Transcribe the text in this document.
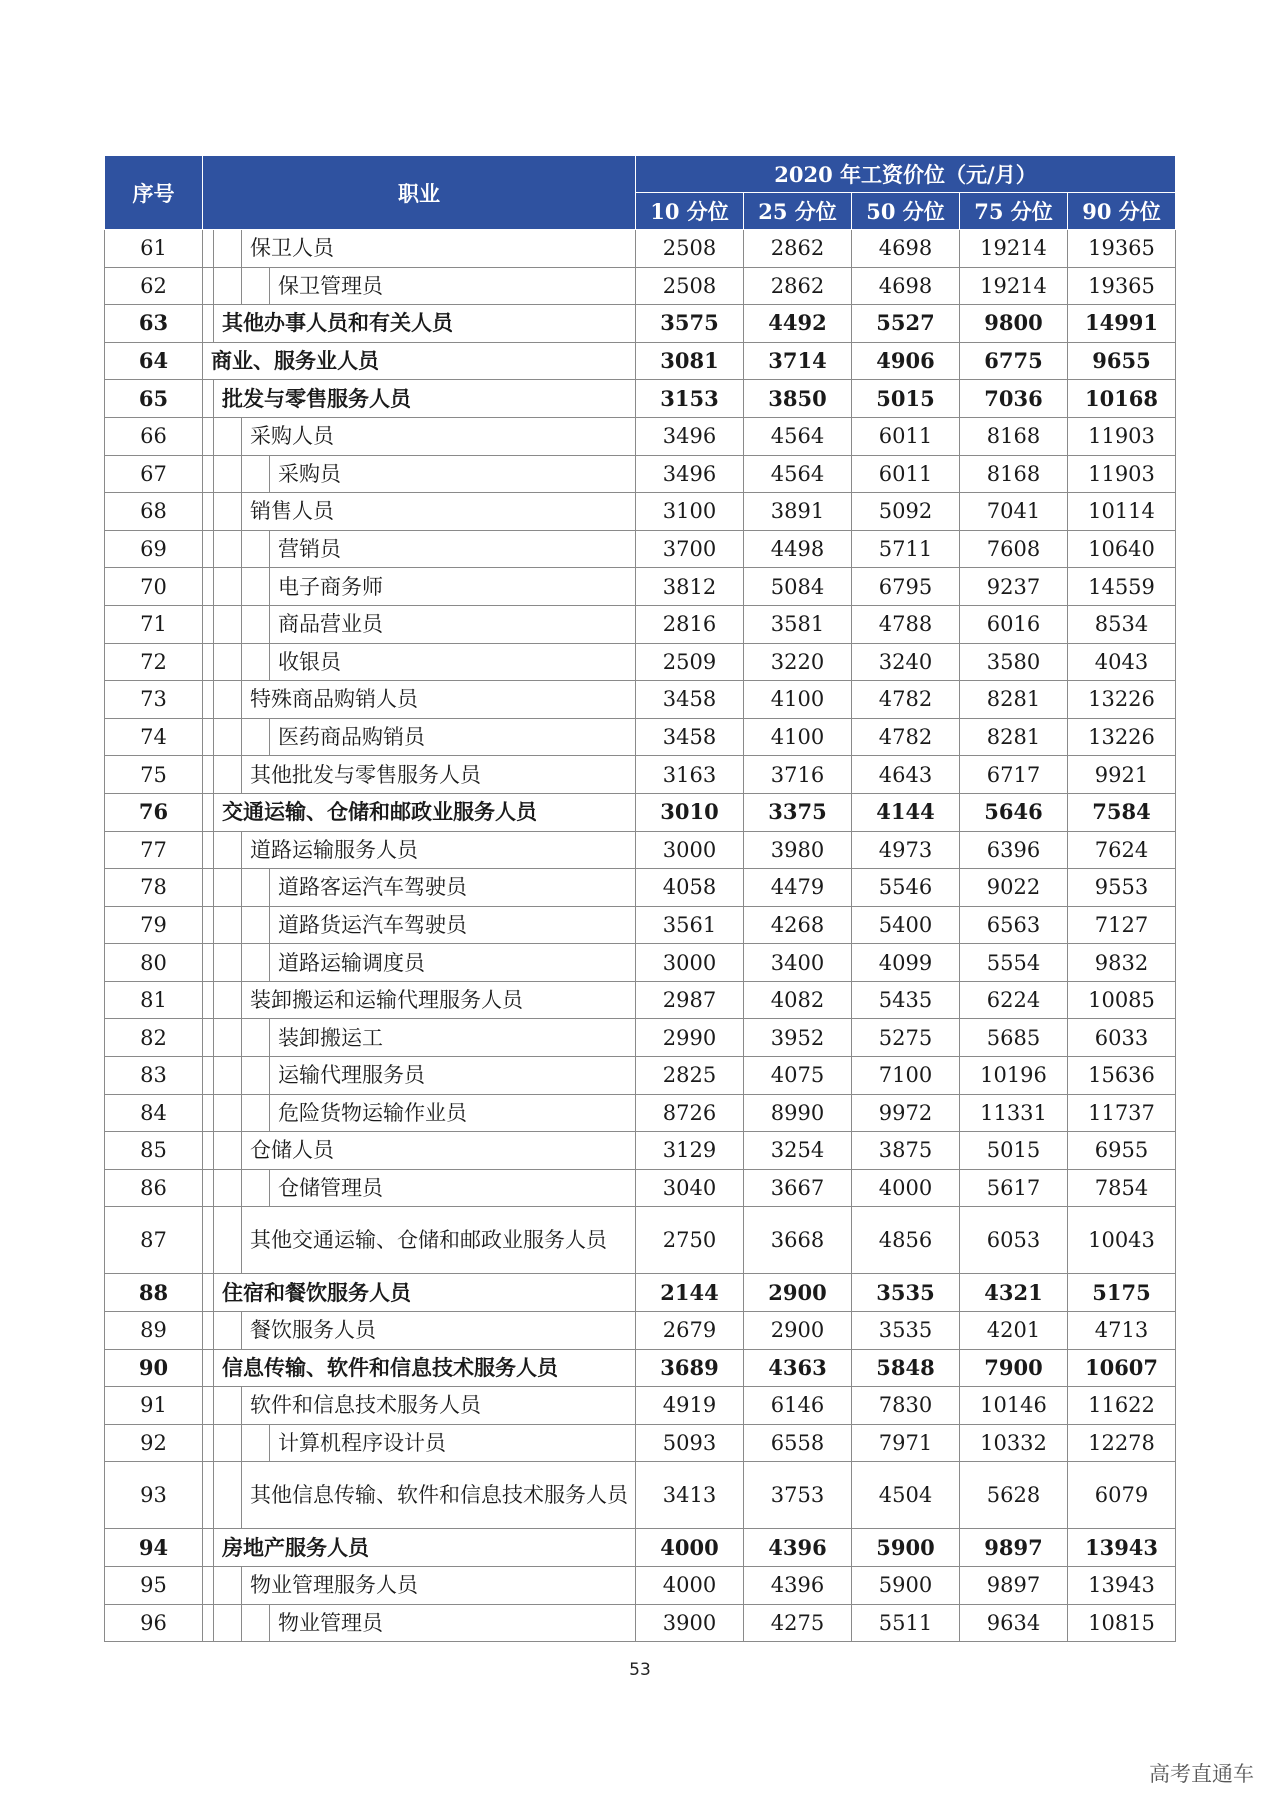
序号	职业	2020 年工资价位（元/月）				
		10 分位	25 分位	50 分位	75 分位	90 分位
61	保卫人员	2508	2862	4698	19214	19365
62	保卫管理员	2508	2862	4698	19214	19365
63	其他办事人员和有关人员	3575	4492	5527	9800	14991
64	商业、服务业人员	3081	3714	4906	6775	9655
65	批发与零售服务人员	3153	3850	5015	7036	10168
66	采购人员	3496	4564	6011	8168	11903
67	采购员	3496	4564	6011	8168	11903
68	销售人员	3100	3891	5092	7041	10114
69	营销员	3700	4498	5711	7608	10640
70	电子商务师	3812	5084	6795	9237	14559
71	商品营业员	2816	3581	4788	6016	8534
72	收银员	2509	3220	3240	3580	4043
73	特殊商品购销人员	3458	4100	4782	8281	13226
74	医药商品购销员	3458	4100	4782	8281	13226
75	其他批发与零售服务人员	3163	3716	4643	6717	9921
76	交通运输、仓储和邮政业服务人员	3010	3375	4144	5646	7584
77	道路运输服务人员	3000	3980	4973	6396	7624
78	道路客运汽车驾驶员	4058	4479	5546	9022	9553
79	道路货运汽车驾驶员	3561	4268	5400	6563	7127
80	道路运输调度员	3000	3400	4099	5554	9832
81	装卸搬运和运输代理服务人员	2987	4082	5435	6224	10085
82	装卸搬运工	2990	3952	5275	5685	6033
83	运输代理服务员	2825	4075	7100	10196	15636
84	危险货物运输作业员	8726	8990	9972	11331	11737
85	仓储人员	3129	3254	3875	5015	6955
86	仓储管理员	3040	3667	4000	5617	7854
87	其他交通运输、仓储和邮政业服务人员	2750	3668	4856	6053	10043
88	住宿和餐饮服务人员	2144	2900	3535	4321	5175
89	餐饮服务人员	2679	2900	3535	4201	4713
90	信息传输、软件和信息技术服务人员	3689	4363	5848	7900	10607
91	软件和信息技术服务人员	4919	6146	7830	10146	11622
92	计算机程序设计员	5093	6558	7971	10332	12278
93	其他信息传输、软件和信息技术服务人员	3413	3753	4504	5628	6079
94	房地产服务人员	4000	4396	5900	9897	13943
95	物业管理服务人员	4000	4396	5900	9897	13943
96	物业管理员	3900	4275	5511	9634	10815
53
高考直通车
